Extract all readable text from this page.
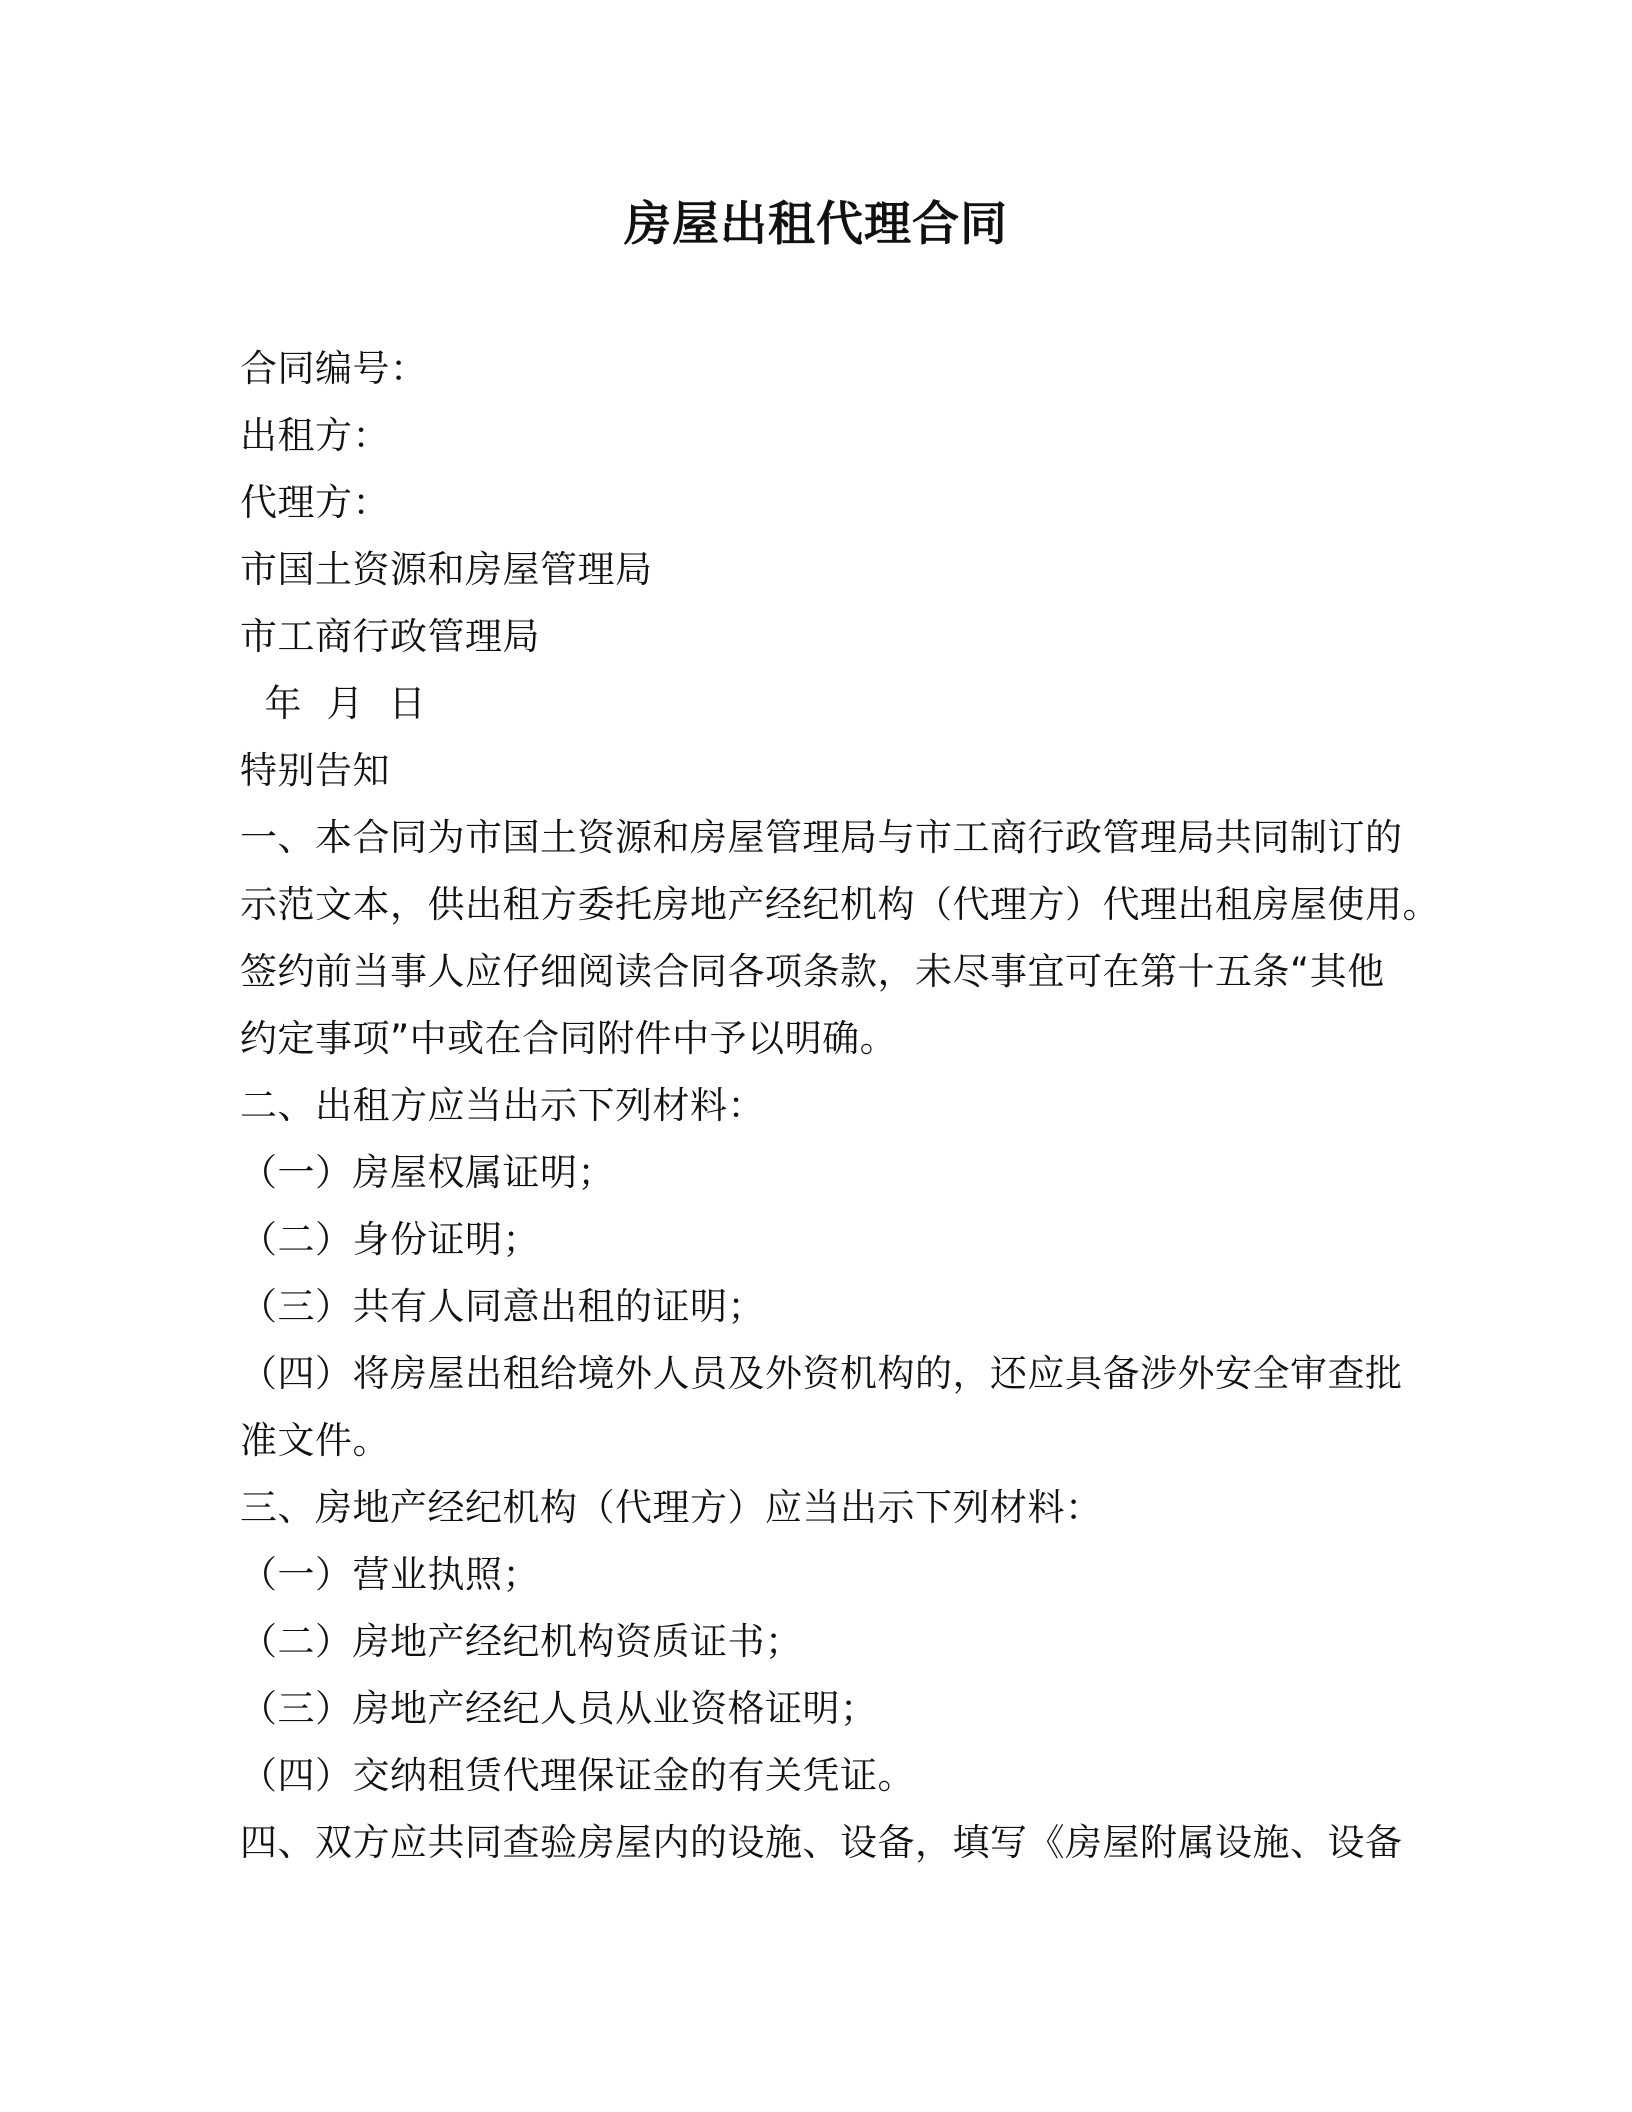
房屋出租代理合同
合同编号：
出租方：
代理方：
市国土资源和房屋管理局
市工商行政管理局
年  月  日
特别告知
一、本合同为市国土资源和房屋管理局与市工商行政管理局共同制订的
示范文本，供出租方委托房地产经纪机构（代理方）代理出租房屋使用。
签约前当事人应仔细阅读合同各项条款，未尽事宜可在第十五条“其他
约定事项”中或在合同附件中予以明确。
二、出租方应当出示下列材料：
（一）房屋权属证明；
（二）身份证明；
（三）共有人同意出租的证明；
（四）将房屋出租给境外人员及外资机构的，还应具备涉外安全审查批
准文件。
三、房地产经纪机构（代理方）应当出示下列材料：
（一）营业执照；
（二）房地产经纪机构资质证书；
（三）房地产经纪人员从业资格证明；
（四）交纳租赁代理保证金的有关凭证。
四、双方应共同查验房屋内的设施、设备，填写《房屋附属设施、设备
